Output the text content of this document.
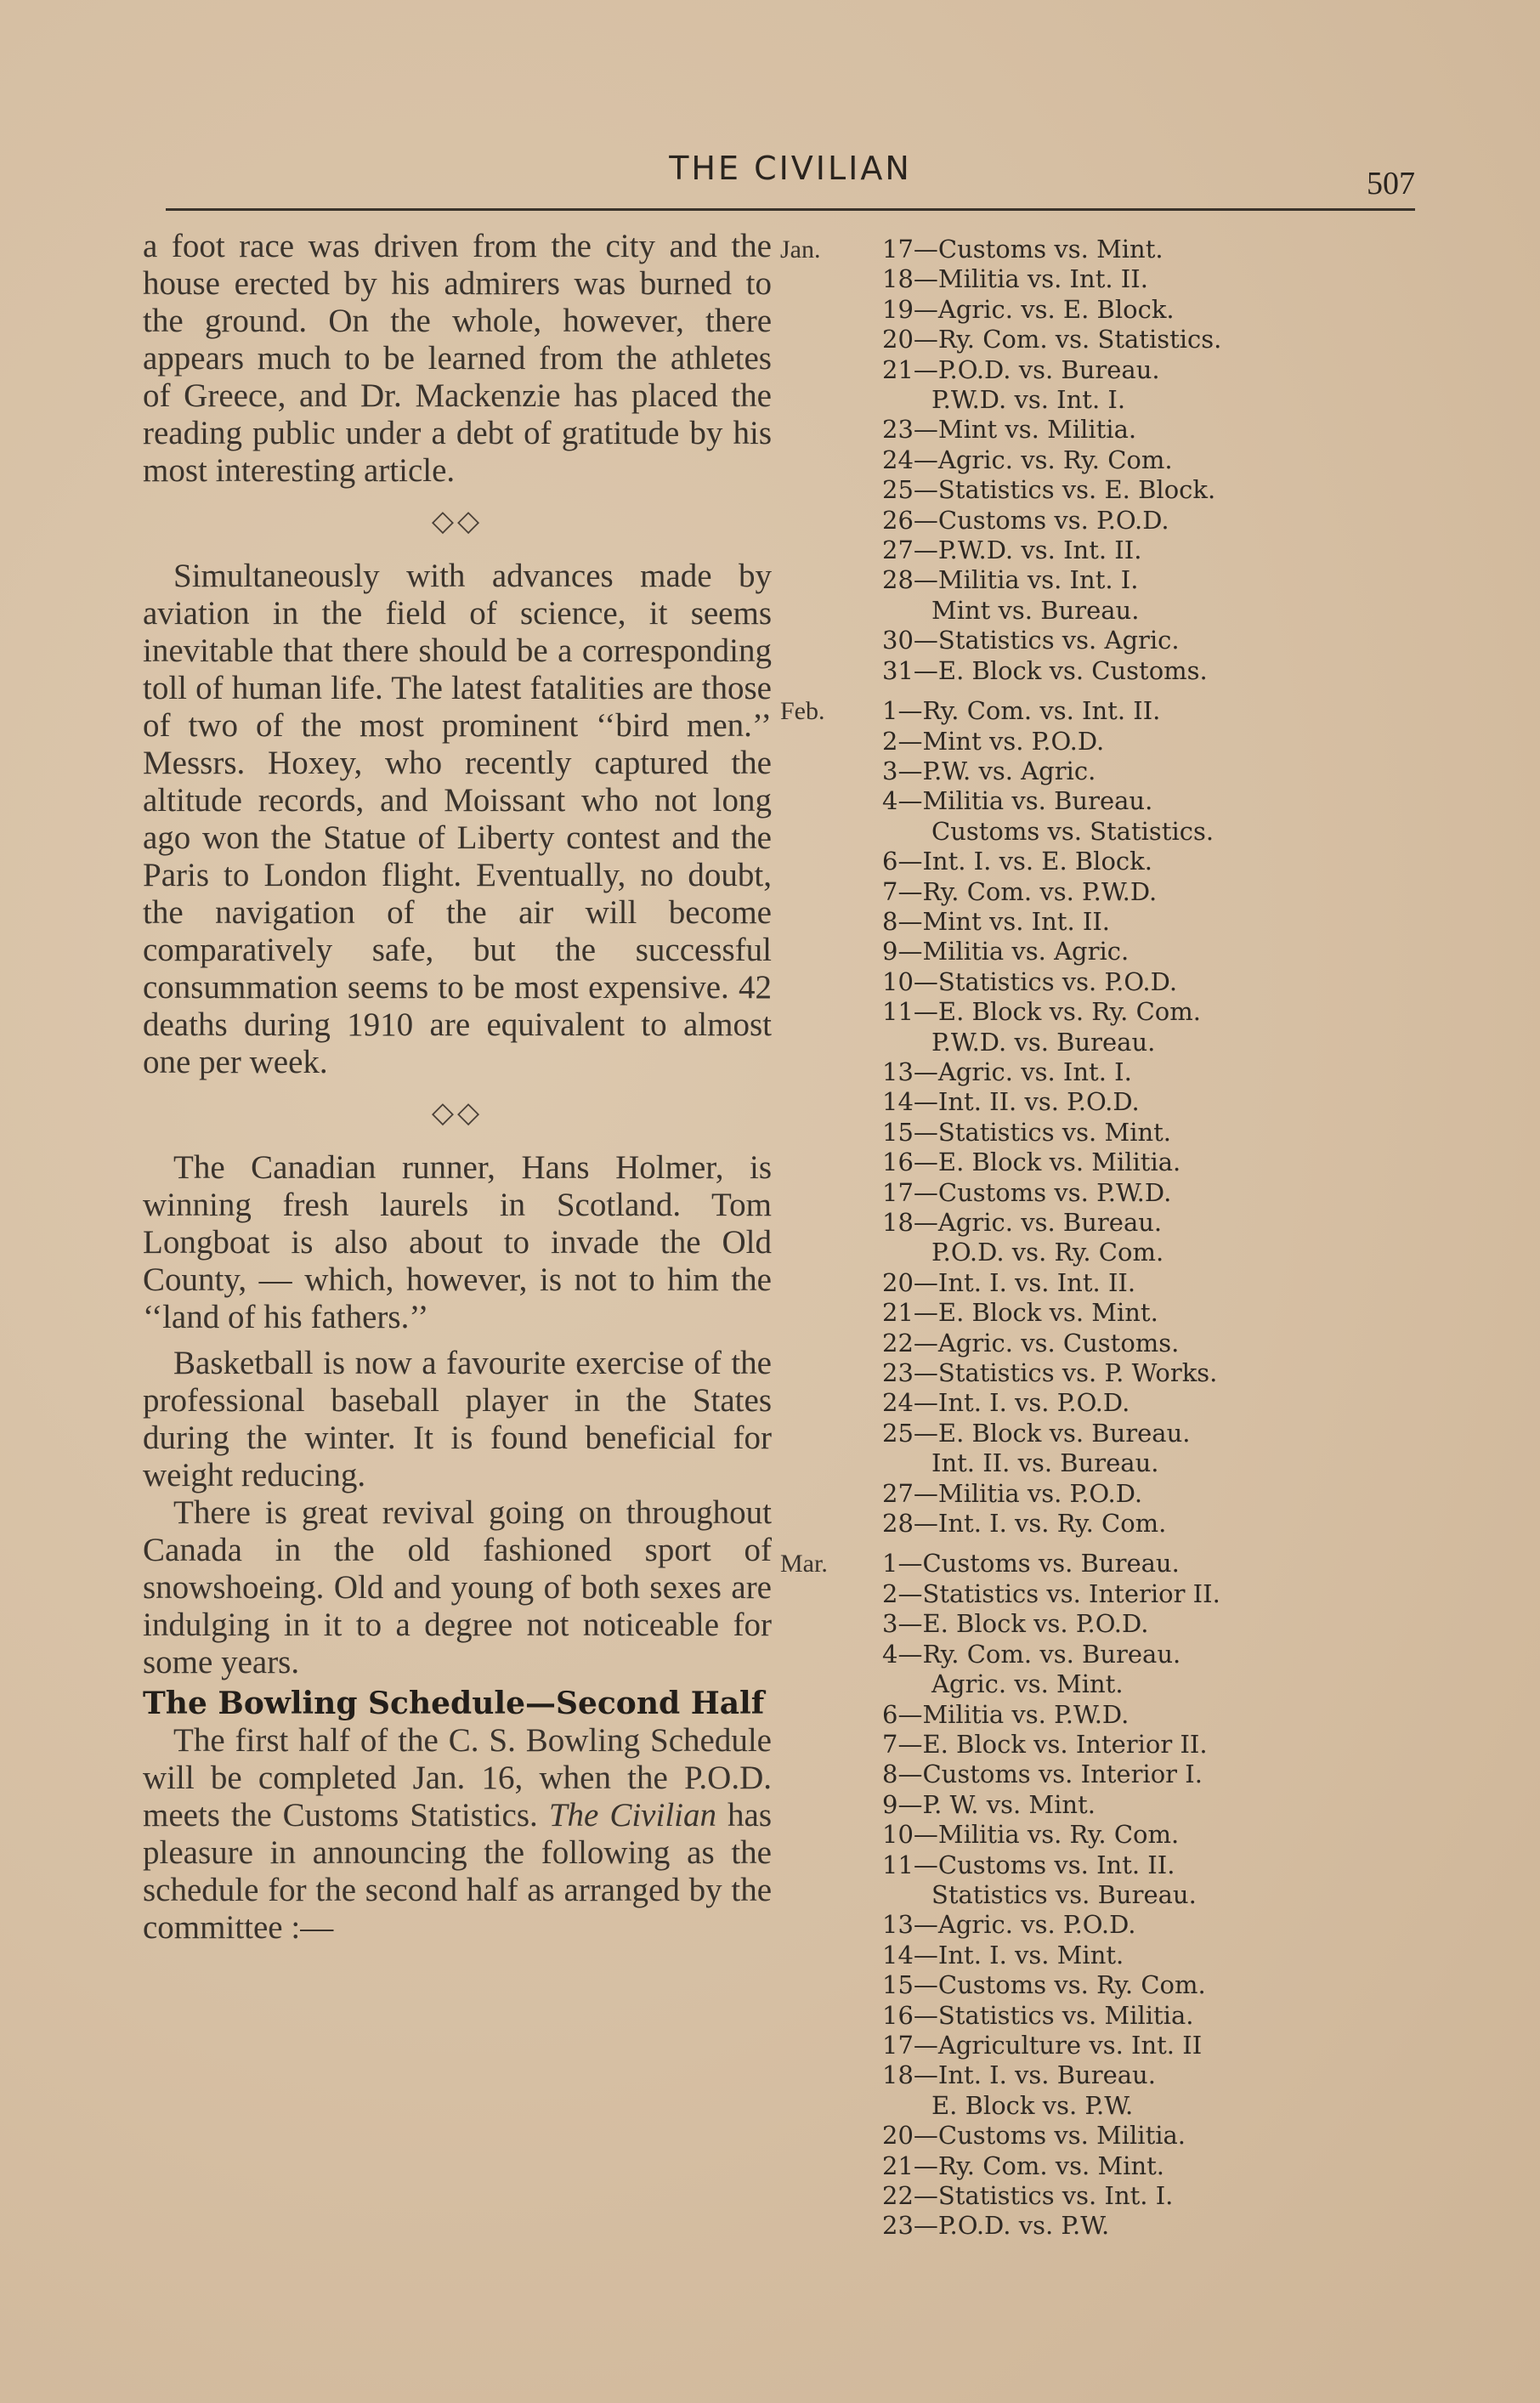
THE CIVILIAN	507

a foot race was driven from the city and the house erected by his admirers was burned to the ground. On the whole, however, there appears much to be learned from the athletes of Greece, and Dr. Mackenzie has placed the reading public under a debt of gratitude by his most interesting article.

◇◇

Simultaneously with advances made by aviation in the field of science, it seems inevitable that there should be a corresponding toll of human life. The latest fatalities are those of two of the most prominent ‘‘bird men.’’ Messrs. Hoxey, who recently captured the altitude records, and Moissant who not long ago won the Statue of Liberty contest and the Paris to London flight. Eventually, no doubt, the navigation of the air will become comparatively safe, but the successful consummation seems to be most expensive. 42 deaths during 1910 are equivalent to almost one per week.

◇◇

The Canadian runner, Hans Holmer, is winning fresh laurels in Scotland. Tom Longboat is also about to invade the Old County, — which, however, is not to him the ‘‘land of his fathers.’’

Basketball is now a favourite exercise of the professional baseball player in the States during the winter. It is found beneficial for weight reducing.

There is great revival going on throughout Canada in the old fashioned sport of snowshoeing. Old and young of both sexes are indulging in it to a degree not noticeable for some years.

The Bowling Schedule—Second Half

The first half of the C. S. Bowling Schedule will be completed Jan. 16, when the P.O.D. meets the Customs Statistics. The Civilian has pleasure in announcing the following as the schedule for the second half as arranged by the committee :—

Jan.	17—Customs vs. Mint.
18—Militia vs. Int. II.
19—Agric. vs. E. Block.
20—Ry. Com. vs. Statistics.
21—P.O.D. vs. Bureau.
P.W.D. vs. Int. I.
23—Mint vs. Militia.
24—Agric. vs. Ry. Com.
25—Statistics vs. E. Block.
26—Customs vs. P.O.D.
27—P.W.D. vs. Int. II.
28—Militia vs. Int. I.
Mint vs. Bureau.
30—Statistics vs. Agric.
31—E. Block vs. Customs.
Feb.	1—Ry. Com. vs. Int. II.
2—Mint vs. P.O.D.
3—P.W. vs. Agric.
4—Militia vs. Bureau.
Customs vs. Statistics.
6—Int. I. vs. E. Block.
7—Ry. Com. vs. P.W.D.
8—Mint vs. Int. II.
9—Militia vs. Agric.
10—Statistics vs. P.O.D.
11—E. Block vs. Ry. Com.
P.W.D. vs. Bureau.
13—Agric. vs. Int. I.
14—Int. II. vs. P.O.D.
15—Statistics vs. Mint.
16—E. Block vs. Militia.
17—Customs vs. P.W.D.
18—Agric. vs. Bureau.
P.O.D. vs. Ry. Com.
20—Int. I. vs. Int. II.
21—E. Block vs. Mint.
22—Agric. vs. Customs.
23—Statistics vs. P. Works.
24—Int. I. vs. P.O.D.
25—E. Block vs. Bureau.
Int. II. vs. Bureau.
27—Militia vs. P.O.D.
28—Int. I. vs. Ry. Com.
Mar.	1—Customs vs. Bureau.
2—Statistics vs. Interior II.
3—E. Block vs. P.O.D.
4—Ry. Com. vs. Bureau.
Agric. vs. Mint.
6—Militia vs. P.W.D.
7—E. Block vs. Interior II.
8—Customs vs. Interior I.
9—P. W. vs. Mint.
10—Militia vs. Ry. Com.
11—Customs vs. Int. II.
Statistics vs. Bureau.
13—Agric. vs. P.O.D.
14—Int. I. vs. Mint.
15—Customs vs. Ry. Com.
16—Statistics vs. Militia.
17—Agriculture vs. Int. II
18—Int. I. vs. Bureau.
E. Block vs. P.W.
20—Customs vs. Militia.
21—Ry. Com. vs. Mint.
22—Statistics vs. Int. I.
23—P.O.D. vs. P.W.
